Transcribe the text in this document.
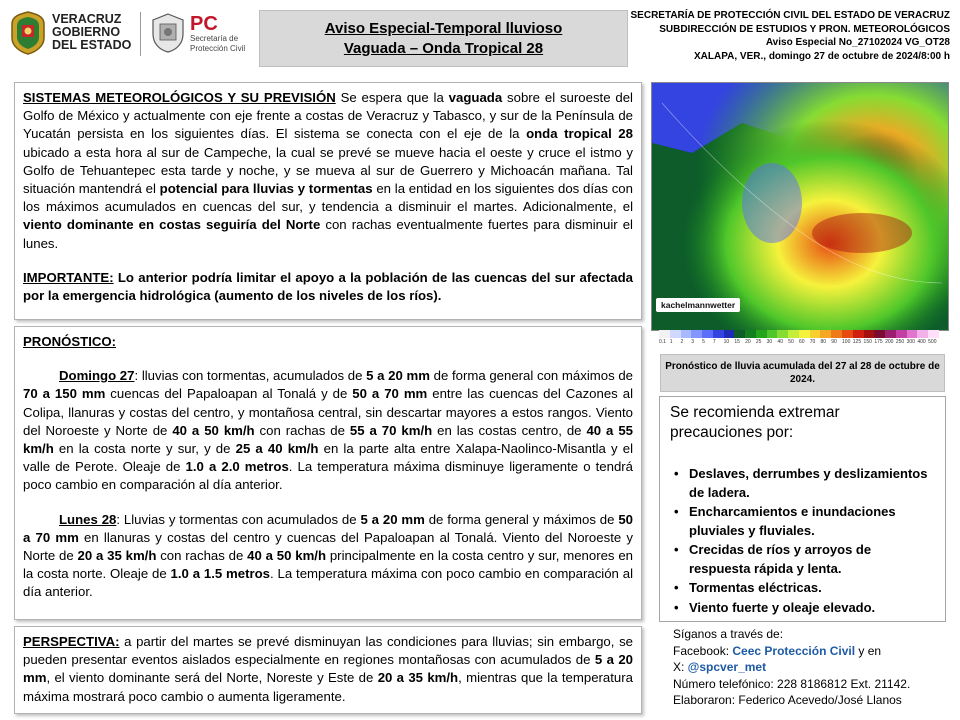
VERACRUZ
GOBIERNO
DEL ESTADO
PC
Secretaría de
Protección Civil
Aviso Especial-Temporal lluvioso
Vaguada – Onda Tropical 28
SECRETARÍA DE PROTECCIÓN CIVIL DEL ESTADO DE VERACRUZ
SUBDIRECCIÓN DE ESTUDIOS Y PRON. METEOROLÓGICOS
Aviso Especial No_27102024 VG_OT28
XALAPA, VER., domingo 27 de octubre de 2024/8:00 h

SISTEMAS METEOROLÓGICOS Y SU PREVISIÓN Se espera que la vaguada sobre el suroeste del Golfo de México y actualmente con eje frente a costas de Veracruz y Tabasco, y sur de la Península de Yucatán persista en los siguientes días. El sistema se conecta con el eje de la onda tropical 28 ubicado a esta hora al sur de Campeche, la cual se prevé se mueve hacia el oeste y cruce el istmo y Golfo de Tehuantepec esta tarde y noche, y se mueva al sur de Guerrero y Michoacán mañana. Tal situación mantendrá el potencial para lluvias y tormentas en la entidad en los siguientes dos días con los máximos acumulados en cuencas del sur, y tendencia a disminuir el martes. Adicionalmente, el viento dominante en costas seguiría del Norte con rachas eventualmente fuertes para disminuir el lunes.

IMPORTANTE: Lo anterior podría limitar el apoyo a la población de las cuencas del sur afectada por la emergencia hidrológica (aumento de los niveles de los ríos).

PRONÓSTICO:

Domingo 27: lluvias con tormentas, acumulados de 5 a 20 mm de forma general con máximos de 70 a 150 mm cuencas del Papaloapan al Tonalá y de 50 a 70 mm entre las cuencas del Cazones al Colipa, llanuras y costas del centro, y montañosa central, sin descartar mayores a estos rangos. Viento del Noroeste y Norte de 40 a 50 km/h con rachas de 55 a 70 km/h en las costas centro, de 40 a 55 km/h en la costa norte y sur, y de 25 a 40 km/h en la parte alta entre Xalapa-Naolinco-Misantla y el valle de Perote. Oleaje de 1.0 a 2.0 metros. La temperatura máxima disminuye ligeramente o tendrá poco cambio en comparación al día anterior.

Lunes 28: Lluvias y tormentas con acumulados de 5 a 20 mm de forma general y máximos de 50 a 70 mm en llanuras y costas del centro y cuencas del Papaloapan al Tonalá. Viento del Noroeste y Norte de 20 a 35 km/h con rachas de 40 a 50 km/h principalmente en la costa centro y sur, menores en la costa norte. Oleaje de 1.0 a 1.5 metros. La temperatura máxima con poco cambio en comparación al día anterior.

PERSPECTIVA: a partir del martes se prevé disminuyan las condiciones para lluvias; sin embargo, se pueden presentar eventos aislados especialmente en regiones montañosas con acumulados de 5 a 20 mm, el viento dominante será del Norte, Noreste y Este de 20 a 35 km/h, mientras que la temperatura máxima mostrará poco cambio o aumenta ligeramente.

kachelmannwetter
0.1 1	2	3	5	7	10	15	20	25	30	40	50	60	70	80	90	100 125 150 175 200 250 300 400 500
Pronóstico de lluvia acumulada del 27 al 28 de octubre de 2024.
Se recomienda extremar precauciones por:
• Deslaves, derrumbes y deslizamientos de ladera.
• Encharcamientos e inundaciones pluviales y fluviales.
• Crecidas de ríos y arroyos de respuesta rápida y lenta.
• Tormentas eléctricas.
• Viento fuerte y oleaje elevado.
Síganos a través de:
Facebook: Ceec Protección Civil y en
X: @spcver_met
Número telefónico: 228 8186812 Ext. 21142.
Elaboraron: Federico Acevedo/José Llanos
